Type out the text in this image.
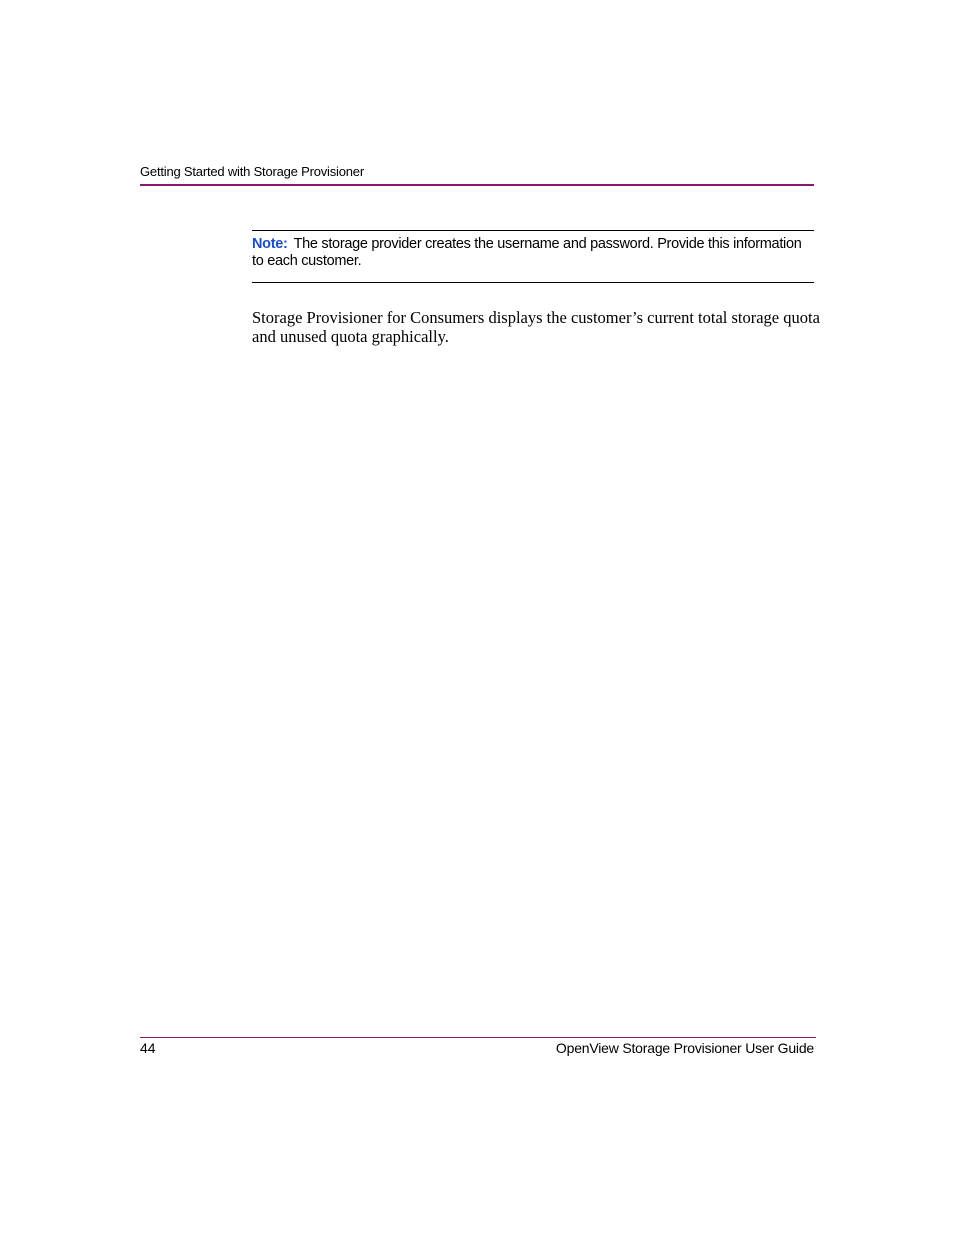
Getting Started with Storage Provisioner
Note: The storage provider creates the username and password. Provide this information to each customer.
Storage Provisioner for Consumers displays the customer’s current total storage quota and unused quota graphically.
44	OpenView Storage Provisioner User Guide
